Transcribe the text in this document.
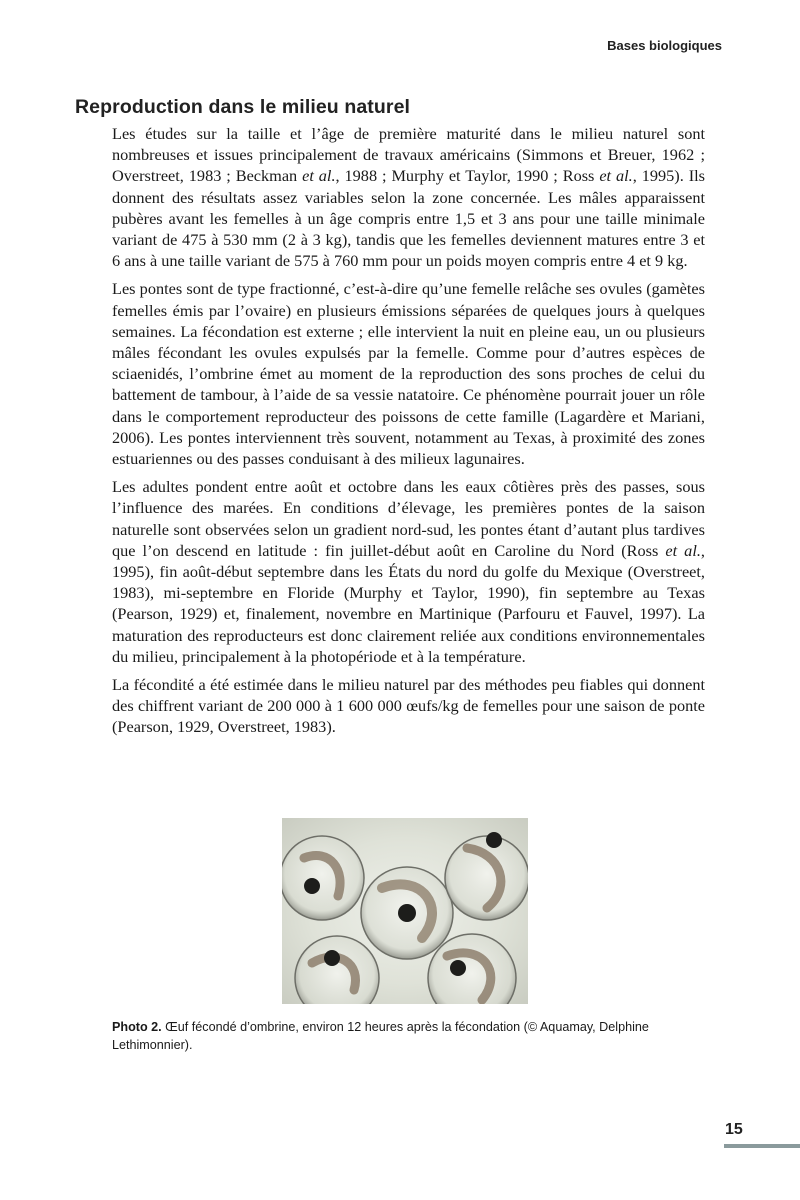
Bases biologiques
Reproduction dans le milieu naturel

Les études sur la taille et l’âge de première maturité dans le milieu naturel sont nombreuses et issues principalement de travaux américains (Simmons et Breuer, 1962 ; Overstreet, 1983 ; Beckman et al., 1988 ; Murphy et Taylor, 1990 ; Ross et al., 1995). Ils donnent des résultats assez variables selon la zone concernée. Les mâles apparaissent pubères avant les femelles à un âge compris entre 1,5 et 3 ans pour une taille minimale variant de 475 à 530 mm (2 à 3 kg), tandis que les femelles deviennent matures entre 3 et 6 ans à une taille variant de 575 à 760 mm pour un poids moyen compris entre 4 et 9 kg.

Les pontes sont de type fractionné, c’est-à-dire qu’une femelle relâche ses ovules (gamètes femelles émis par l’ovaire) en plusieurs émissions séparées de quelques jours à quelques semaines. La fécondation est externe ; elle intervient la nuit en pleine eau, un ou plusieurs mâles fécondant les ovules expulsés par la femelle. Comme pour d’autres espèces de sciaenidés, l’ombrine émet au moment de la reproduction des sons proches de celui du battement de tambour, à l’aide de sa vessie natatoire. Ce phénomène pourrait jouer un rôle dans le comportement reproducteur des poissons de cette famille (Lagardère et Mariani, 2006). Les pontes interviennent très souvent, notamment au Texas, à proximité des zones estuariennes ou des passes conduisant à des milieux lagunaires.

Les adultes pondent entre août et octobre dans les eaux côtières près des passes, sous l’influence des marées. En conditions d’élevage, les premières pontes de la saison naturelle sont observées selon un gradient nord-sud, les pontes étant d’autant plus tardives que l’on descend en latitude : fin juillet-début août en Caroline du Nord (Ross et al., 1995), fin août-début septembre dans les États du nord du golfe du Mexique (Overstreet, 1983), mi-septembre en Floride (Murphy et Taylor, 1990), fin septembre au Texas (Pearson, 1929) et, finalement, novembre en Martinique (Parfouru et Fauvel, 1997). La maturation des reproducteurs est donc clairement reliée aux conditions environnementales du milieu, principalement à la photopériode et à la température.

La fécondité a été estimée dans le milieu naturel par des méthodes peu fiables qui donnent des chiffrent variant de 200 000 à 1 600 000 œufs/kg de femelles pour une saison de ponte (Pearson, 1929, Overstreet, 1983).

Photo 2. Œuf fécondé d’ombrine, environ 12 heures après la fécondation (© Aquamay, Delphine Lethimonnier).
15
